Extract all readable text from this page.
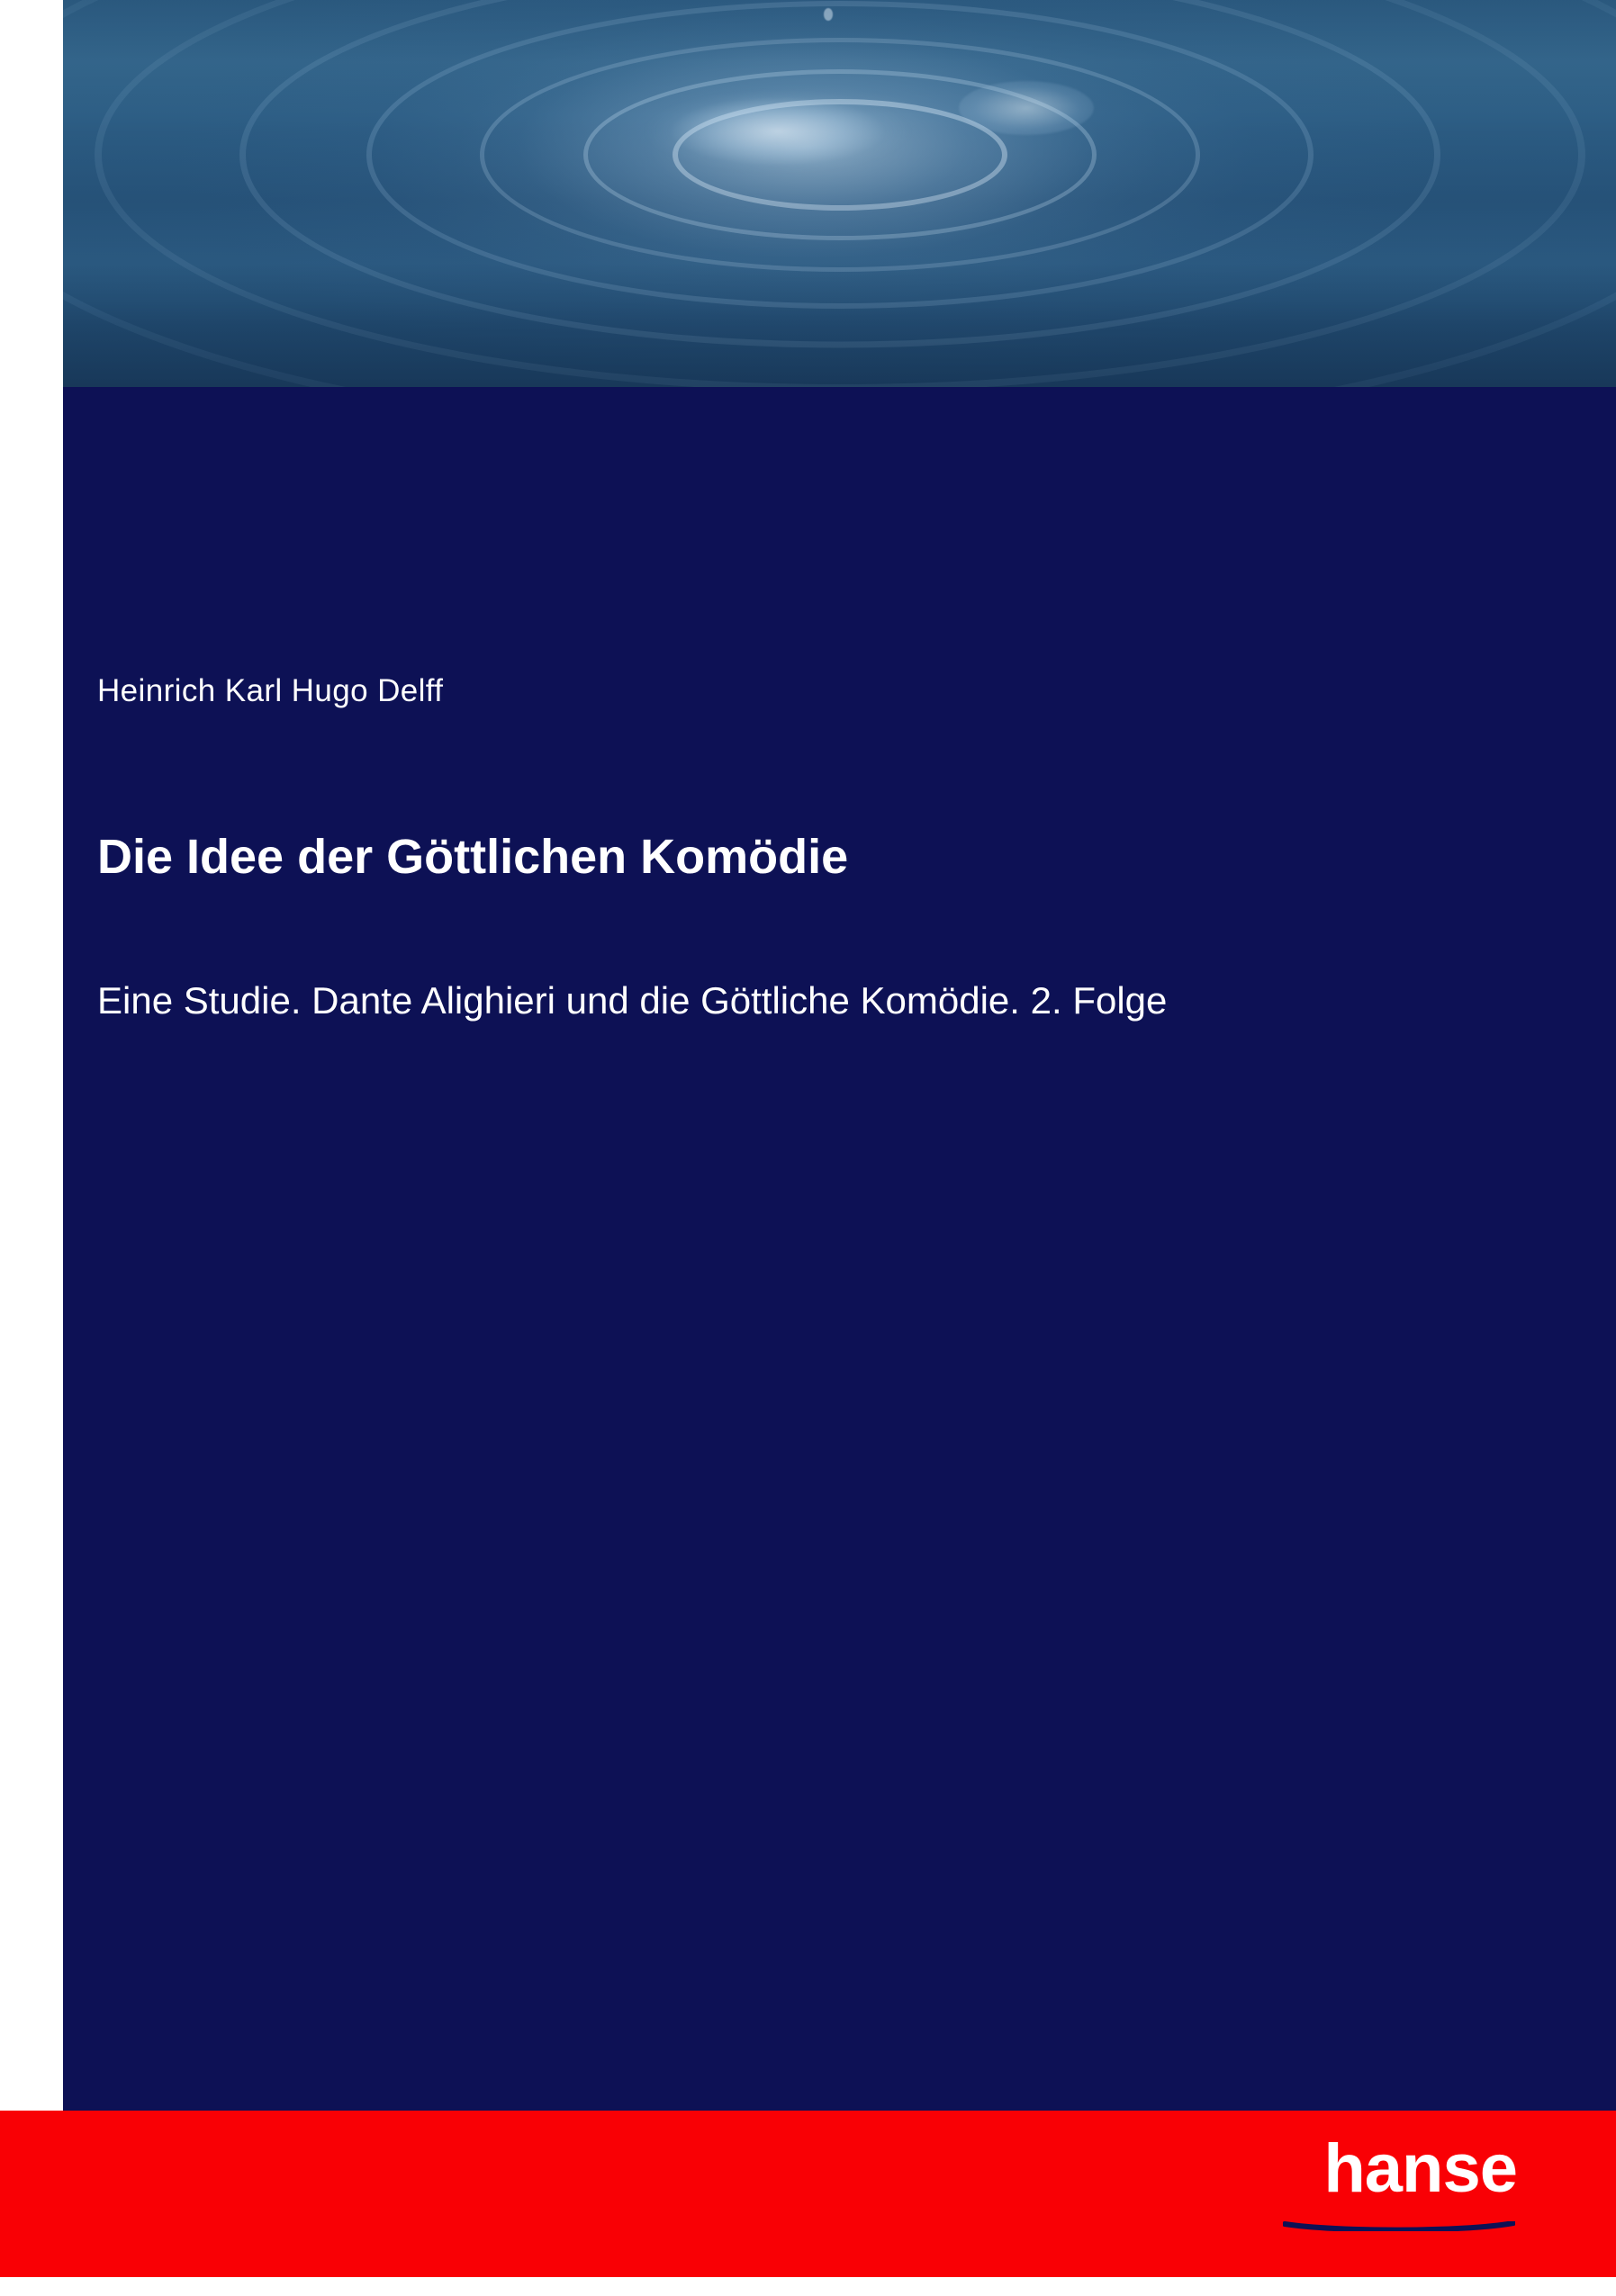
Heinrich Karl Hugo Delff
Die Idee der Göttlichen Komödie
Eine Studie. Dante Alighieri und die Göttliche Komödie. 2. Folge
hanse
